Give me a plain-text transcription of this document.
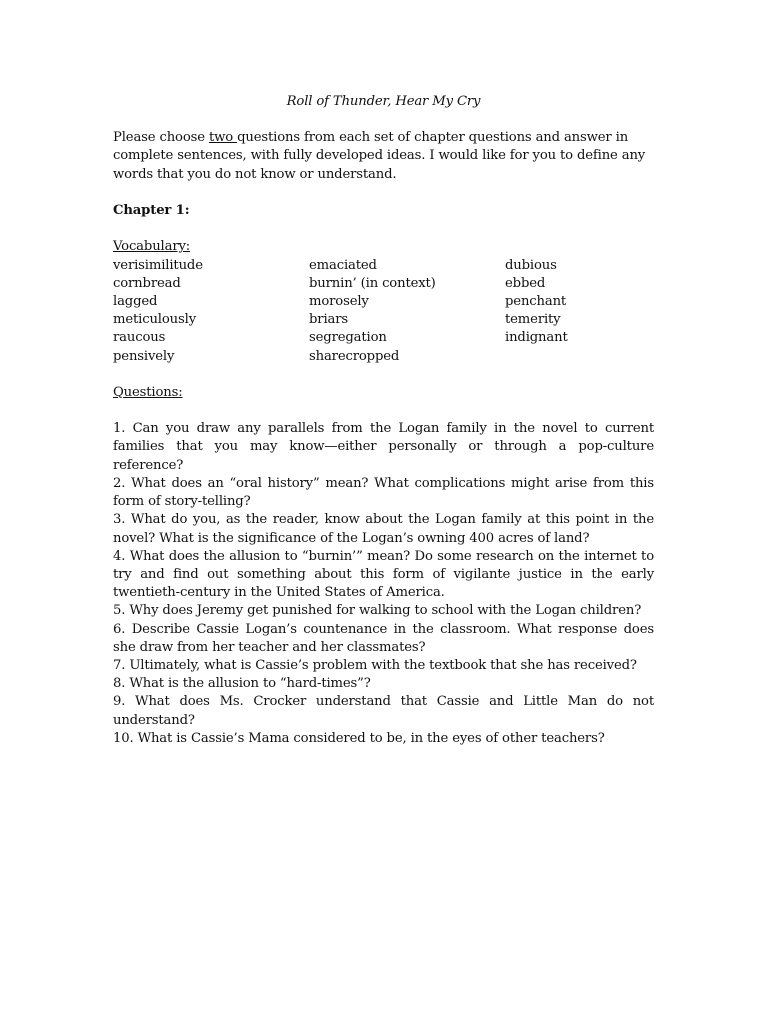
Roll of Thunder, Hear My Cry

Please choose two questions from each set of chapter questions and answer in complete sentences, with fully developed ideas. I would like for you to define any words that you do not know or understand.

Chapter 1:

Vocabulary:

verisimilitude
cornbread
lagged
meticulously
raucous
pensively
emaciated
burnin’ (in context)
morosely
briars
segregation
sharecropped
dubious
ebbed
penchant
temerity
indignant

Questions:

1. Can you draw any parallels from the Logan family in the novel to current families that you may know—either personally or through a pop-culture reference?

2. What does an “oral history” mean? What complications might arise from this form of story-telling?

3. What do you, as the reader, know about the Logan family at this point in the novel? What is the significance of the Logan’s owning 400 acres of land?

4. What does the allusion to “burnin’” mean? Do some research on the internet to try and find out something about this form of vigilante justice in the early twentieth-century in the United States of America.

5. Why does Jeremy get punished for walking to school with the Logan children?

6. Describe Cassie Logan’s countenance in the classroom. What response does she draw from her teacher and her classmates?

7. Ultimately, what is Cassie’s problem with the textbook that she has received?

8. What is the allusion to “hard-times”?

9. What does Ms. Crocker understand that Cassie and Little Man do not understand?

10. What is Cassie’s Mama considered to be, in the eyes of other teachers?
